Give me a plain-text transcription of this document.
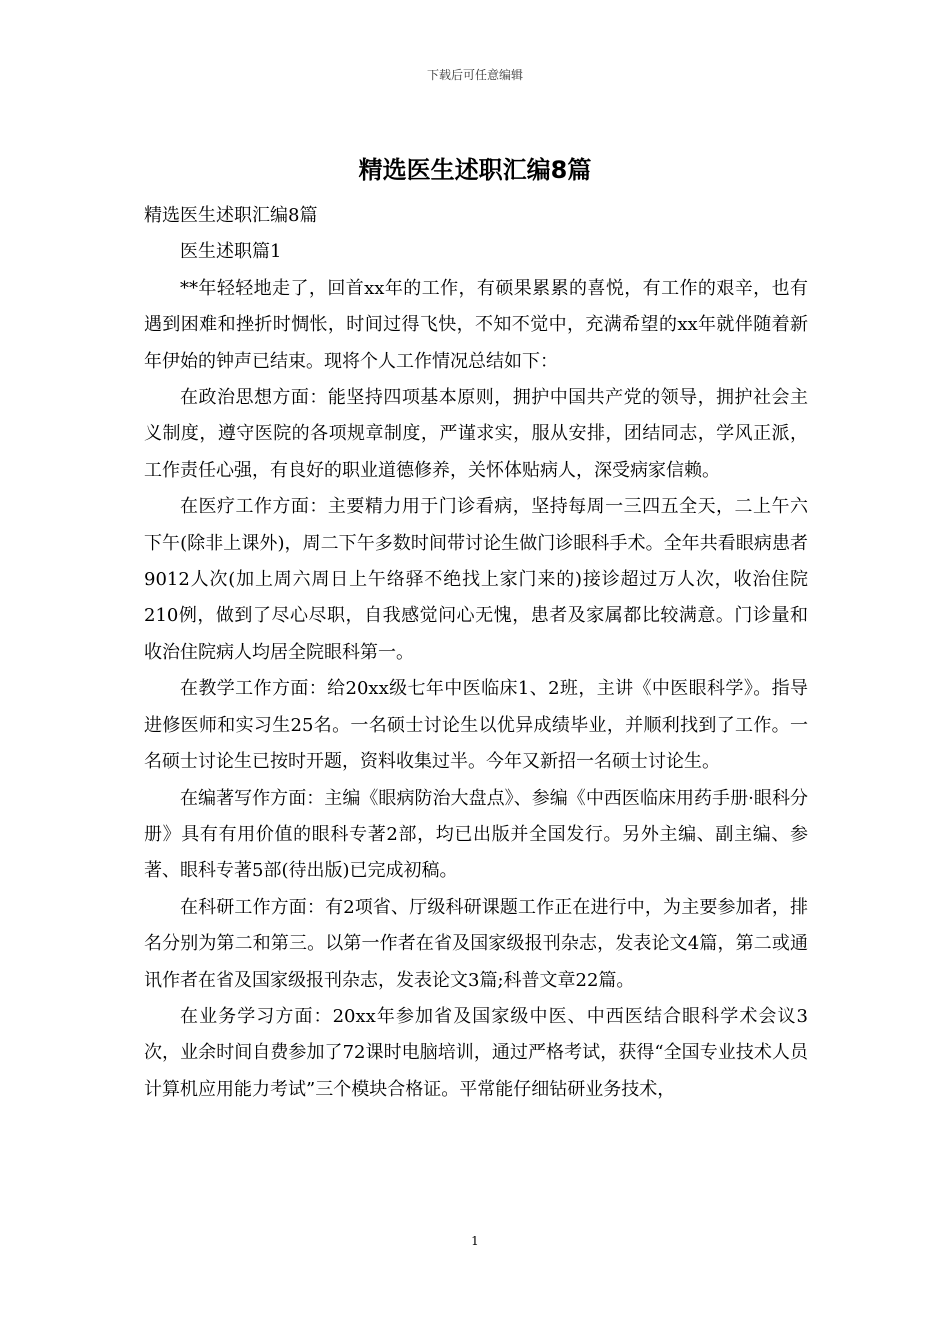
下载后可任意编辑
精选医生述职汇编8篇

精选医生述职汇编8篇

医生述职篇1

**年轻轻地走了，回首xx年的工作，有硕果累累的喜悦，有工作的艰辛，也有遇到困难和挫折时惆怅，时间过得飞快，不知不觉中，充满希望的xx年就伴随着新年伊始的钟声已结束。现将个人工作情况总结如下：

在政治思想方面：能坚持四项基本原则，拥护中国共产党的领导，拥护社会主义制度，遵守医院的各项规章制度，严谨求实，服从安排，团结同志，学风正派，工作责任心强，有良好的职业道德修养，关怀体贴病人，深受病家信赖。

在医疗工作方面：主要精力用于门诊看病，坚持每周一三四五全天，二上午六下午(除非上课外)，周二下午多数时间带讨论生做门诊眼科手术。全年共看眼病患者9012人次(加上周六周日上午络驿不绝找上家门来的)接诊超过万人次，收治住院210例，做到了尽心尽职，自我感觉问心无愧，患者及家属都比较满意。门诊量和收治住院病人均居全院眼科第一。

在教学工作方面：给20xx级七年中医临床1、2班，主讲《中医眼科学》。指导进修医师和实习生25名。一名硕士讨论生以优异成绩毕业，并顺利找到了工作。一名硕士讨论生已按时开题，资料收集过半。今年又新招一名硕士讨论生。

在编著写作方面：主编《眼病防治大盘点》、参编《中西医临床用药手册·眼科分册》具有有用价值的眼科专著2部，均已出版并全国发行。另外主编、副主编、参著、眼科专著5部(待出版)已完成初稿。

在科研工作方面：有2项省、厅级科研课题工作正在进行中，为主要参加者，排名分别为第二和第三。以第一作者在省及国家级报刊杂志，发表论文4篇，第二或通讯作者在省及国家级报刊杂志，发表论文3篇;科普文章22篇。

在业务学习方面：20xx年参加省及国家级中医、中西医结合眼科学术会议3次，业余时间自费参加了72课时电脑培训，通过严格考试，获得“全国专业技术人员计算机应用能力考试”三个模块合格证。平常能仔细钻研业务技术，

1
